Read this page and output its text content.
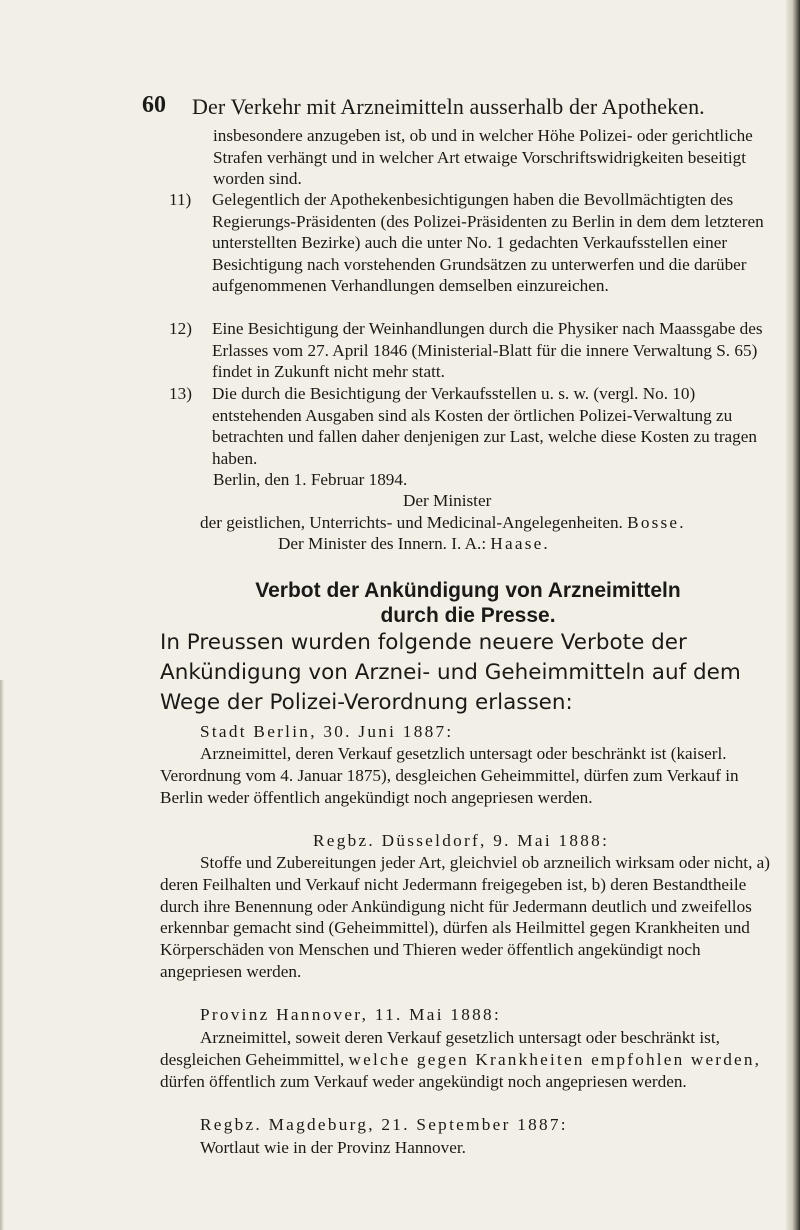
60 Der Verkehr mit Arzneimitteln ausserhalb der Apotheken.
insbesondere anzugeben ist, ob und in welcher Höhe Polizei- oder gerichtliche Strafen verhängt und in welcher Art etwaige Vorschriftswidrigkeiten beseitigt worden sind.
11)	Gelegentlich der Apothekenbesichtigungen haben die Bevollmächtigten des Regierungs-Präsidenten (des Polizei-Präsidenten zu Berlin in dem dem letzteren unterstellten Bezirke) auch die unter No. 1 gedachten Verkaufsstellen einer Besichtigung nach vorstehenden Grundsätzen zu unterwerfen und die darüber aufgenommenen Verhandlungen demselben einzureichen.
12)	Eine Besichtigung der Weinhandlungen durch die Physiker nach Maassgabe des Erlasses vom 27. April 1846 (Ministerial-Blatt für die innere Verwaltung S. 65) findet in Zukunft nicht mehr statt.
13)	Die durch die Besichtigung der Verkaufsstellen u. s. w. (vergl. No. 10) entstehenden Ausgaben sind als Kosten der örtlichen Polizei-Verwaltung zu betrachten und fallen daher denjenigen zur Last, welche diese Kosten zu tragen haben.
Berlin, den 1. Februar 1894.
Der Minister
der geistlichen, Unterrichts- und Medicinal-Angelegenheiten. Bosse.
Der Minister des Innern. I. A.: Haase.
Verbot der Ankündigung von Arzneimitteln
durch die Presse.
In Preussen wurden folgende neuere Verbote der Ankündigung von Arznei- und Geheimmitteln auf dem Wege der Polizei-Verordnung erlassen:
Stadt Berlin, 30. Juni 1887:
Arzneimittel, deren Verkauf gesetzlich untersagt oder beschränkt ist (kaiserl. Verordnung vom 4. Januar 1875), desgleichen Geheimmittel, dürfen zum Verkauf in Berlin weder öffentlich angekündigt noch angepriesen werden.
Regbz. Düsseldorf, 9. Mai 1888:
Stoffe und Zubereitungen jeder Art, gleichviel ob arzneilich wirksam oder nicht, a) deren Feilhalten und Verkauf nicht Jedermann freigegeben ist, b) deren Bestandtheile durch ihre Benennung oder Ankündigung nicht für Jedermann deutlich und zweifellos erkennbar gemacht sind (Geheimmittel), dürfen als Heilmittel gegen Krankheiten und Körperschäden von Menschen und Thieren weder öffentlich angekündigt noch angepriesen werden.
Provinz Hannover, 11. Mai 1888:
Arzneimittel, soweit deren Verkauf gesetzlich untersagt oder beschränkt ist, desgleichen Geheimmittel, welche gegen Krankheiten empfohlen werden, dürfen öffentlich zum Verkauf weder angekündigt noch angepriesen werden.
Regbz. Magdeburg, 21. September 1887:
Wortlaut wie in der Provinz Hannover.
